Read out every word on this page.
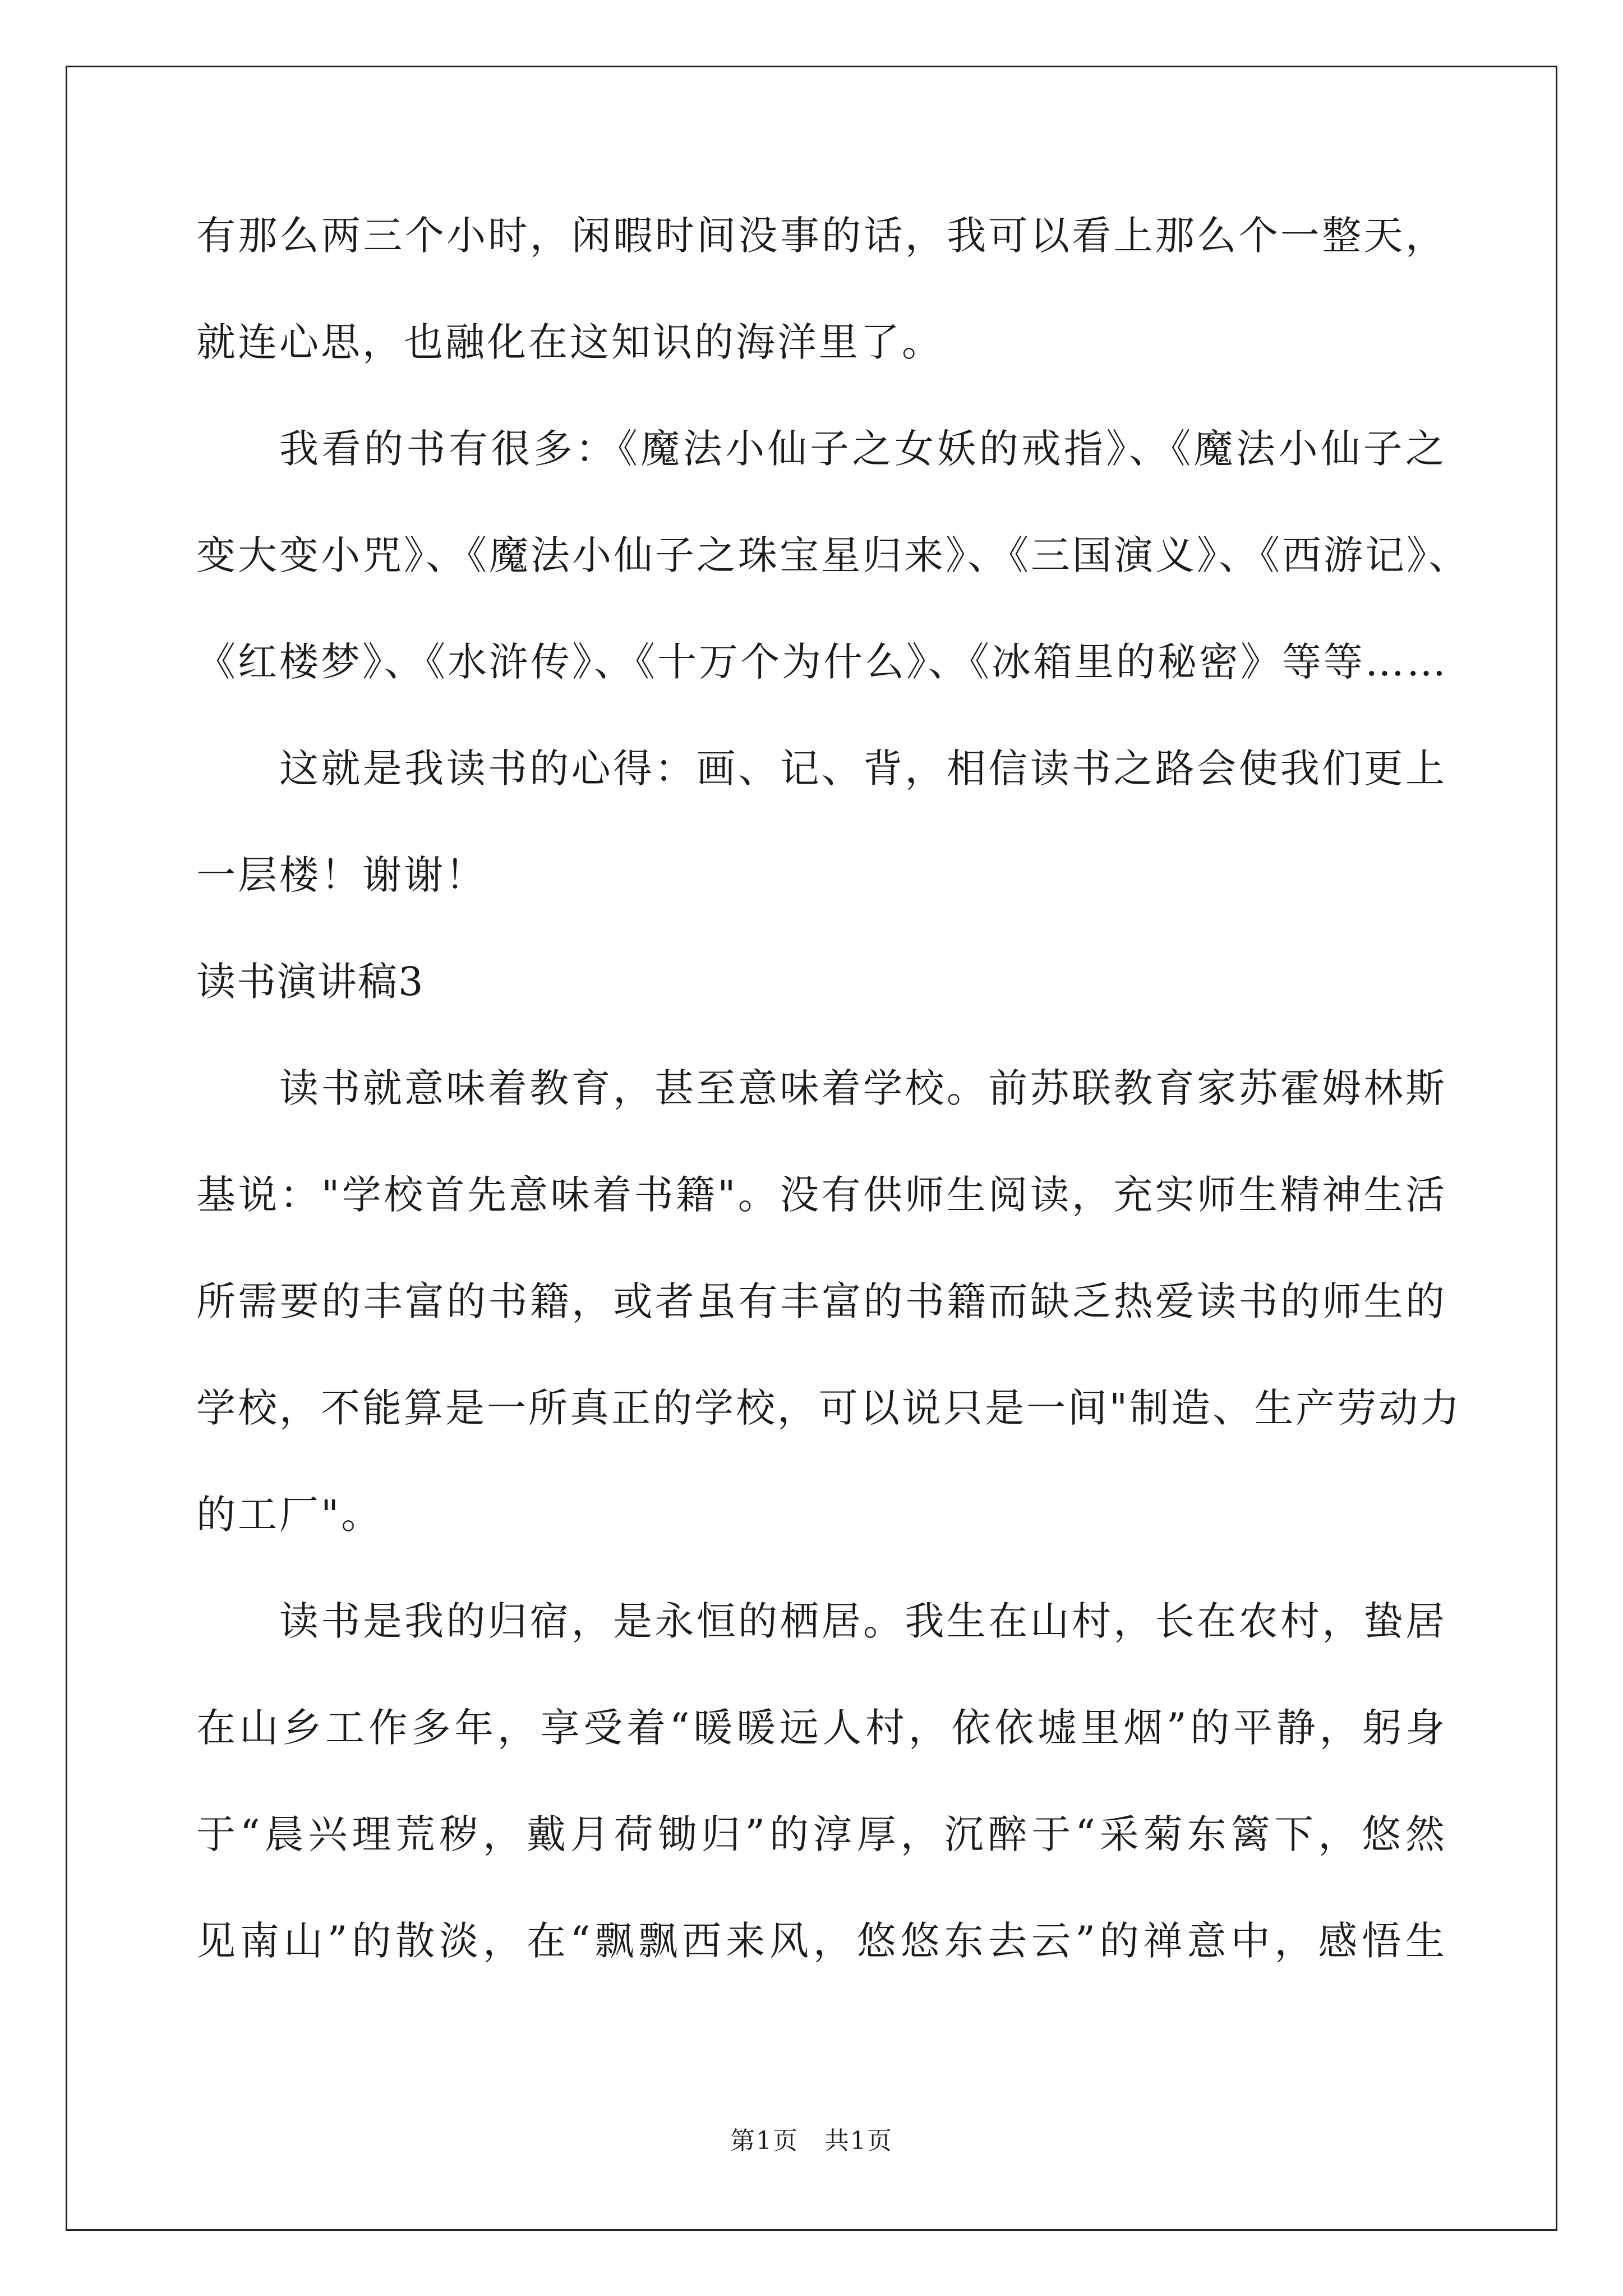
有那么两三个小时，闲暇时间没事的话，我可以看上那么个一整天，
就连心思，也融化在这知识的海洋里了。
我看的书有很多：《魔法小仙子之女妖的戒指》、《魔法小仙子之
变大变小咒》、《魔法小仙子之珠宝星归来》、《三国演义》、《西游记》、
《红楼梦》、《水浒传》、《十万个为什么》、《冰箱里的秘密》等等……
这就是我读书的心得：画、记、背，相信读书之路会使我们更上
一层楼！谢谢！
读书演讲稿3
读书就意味着教育，甚至意味着学校。前苏联教育家苏霍姆林斯
基说："学校首先意味着书籍"。没有供师生阅读，充实师生精神生活
所需要的丰富的书籍，或者虽有丰富的书籍而缺乏热爱读书的师生的
学校，不能算是一所真正的学校，可以说只是一间"制造、生产劳动力
的工厂"。
读书是我的归宿，是永恒的栖居。我生在山村，长在农村，蛰居
在山乡工作多年，享受着“暖暖远人村，依依墟里烟”的平静，躬身
于“晨兴理荒秽，戴月荷锄归”的淳厚，沉醉于“采菊东篱下，悠然
见南山”的散淡，在“飘飘西来风，悠悠东去云”的禅意中，感悟生
第1页　共1页
